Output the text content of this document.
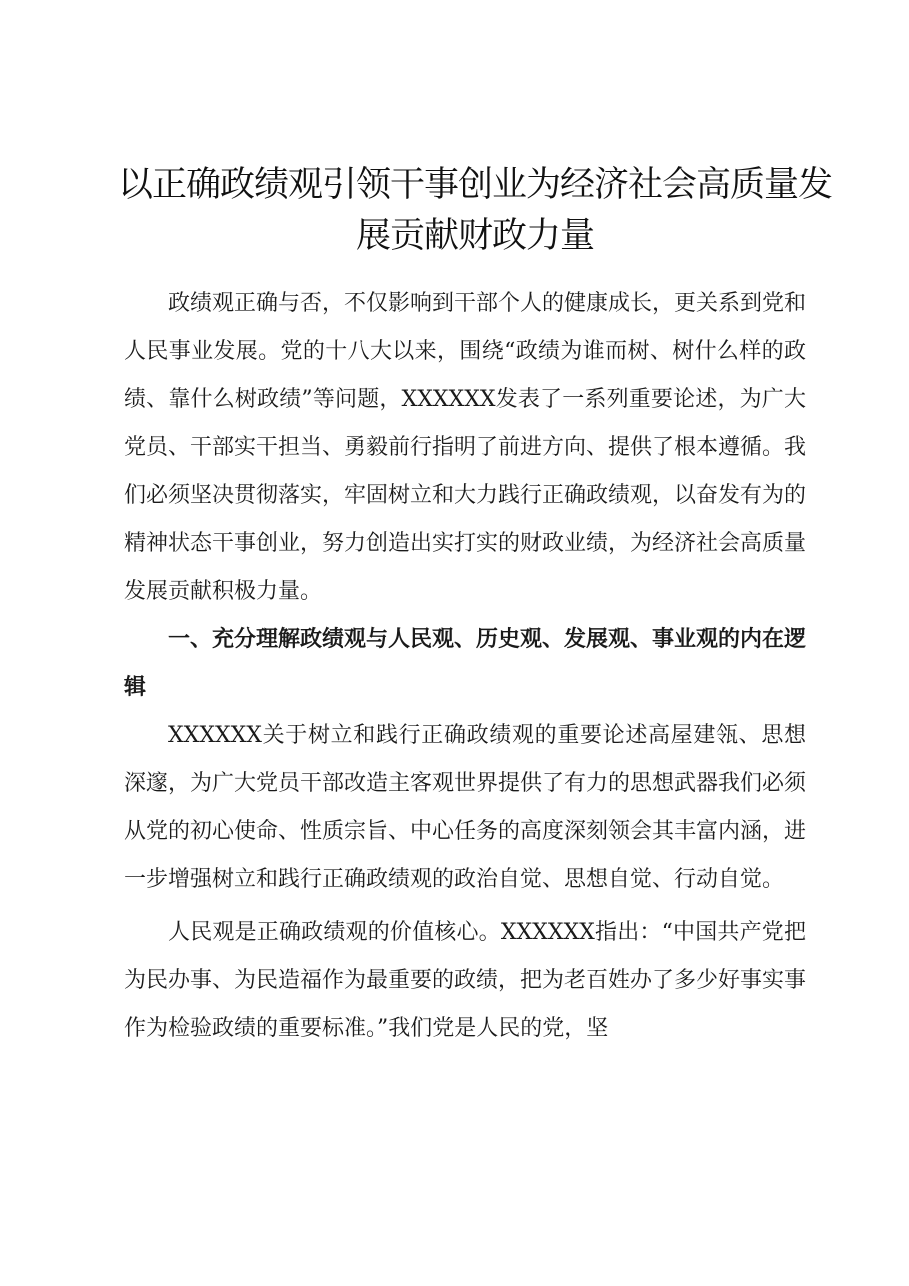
以正确政绩观引领干事创业为经济社会高质量发展贡献财政力量

政绩观正确与否，不仅影响到干部个人的健康成长，更关系到党和人民事业发展。党的十八大以来，围绕“政绩为谁而树、树什么样的政绩、靠什么树政绩”等问题，XXXXXX发表了一系列重要论述，为广大党员、干部实干担当、勇毅前行指明了前进方向、提供了根本遵循。我们必须坚决贯彻落实，牢固树立和大力践行正确政绩观，以奋发有为的精神状态干事创业，努力创造出实打实的财政业绩，为经济社会高质量发展贡献积极力量。

一、充分理解政绩观与人民观、历史观、发展观、事业观的内在逻辑

XXXXXX关于树立和践行正确政绩观的重要论述高屋建瓴、思想深邃，为广大党员干部改造主客观世界提供了有力的思想武器我们必须从党的初心使命、性质宗旨、中心任务的高度深刻领会其丰富内涵，进一步增强树立和践行正确政绩观的政治自觉、思想自觉、行动自觉。

人民观是正确政绩观的价值核心。XXXXXX指出：“中国共产党把为民办事、为民造福作为最重要的政绩，把为老百姓办了多少好事实事作为检验政绩的重要标准。”我们党是人民的党，坚
